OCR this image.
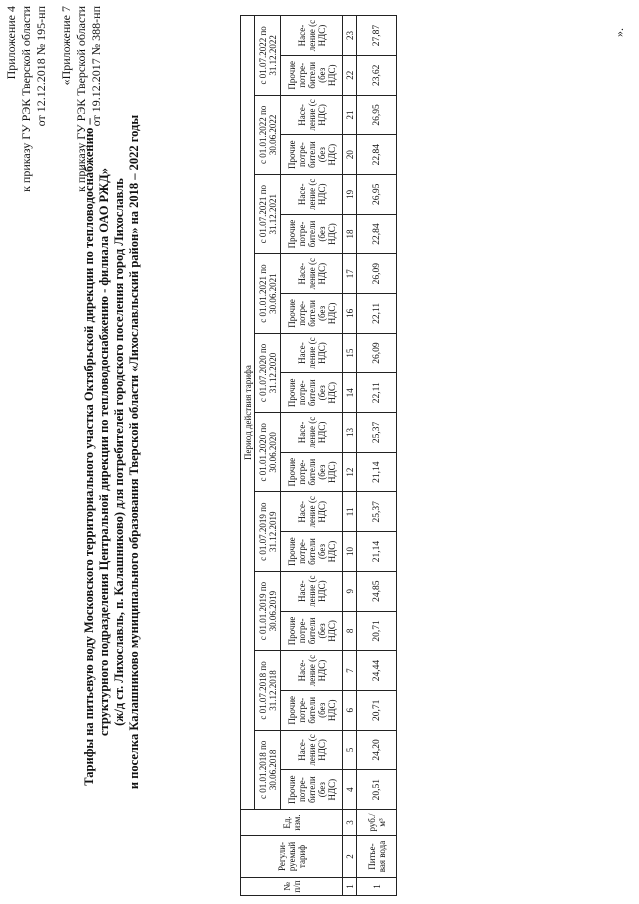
Приложение 4 к приказу ГУ РЭК Тверской области от 12.12.2018 № 195-нп «Приложение 7 к приказу ГУ РЭК Тверской области от 19.12.2017 № 388-нп

Тарифы на питьевую воду Московского территориального участка Октябрьской дирекции по тепловодоснабжению – структурного подразделения Центральной дирекции по тепловодоснабжению - филиала ОАО РЖД» (ж/д ст. Лихославль, п. Калашниково) для потребителей городского поселения город Лихославль и поселка Калашниково муниципального образования Тверской области «Лихославльский район» на 2018 – 2022 годы

№ п/п	Регули-руемый тариф	Ед. изм.	Период действия тарифа																			
			с 01.01.2018 по 30.06.2018		с 01.07.2018 по 31.12.2018		с 01.01.2019 по 30.06.2019		с 01.07.2019 по 31.12.2019		с 01.01.2020 по 30.06.2020		с 01.07.2020 по 31.12.2020		с 01.01.2021 по 30.06.2021		с 01.07.2021 по 31.12.2021		с 01.01.2022 по 30.06.2022		с 01.07.2022 по 31.12.2022	
			Прочие потре-бители (без НДС)	Насе-ление (с НДС)	Прочие потре-бители (без НДС)	Насе-ление (с НДС)	Прочие потре-бители (без НДС)	Насе-ление (с НДС)	Прочие потре-бители (без НДС)	Насе-ление (с НДС)	Прочие потре-бители (без НДС)	Насе-ление (с НДС)	Прочие потре-бители (без НДС)	Насе-ление (с НДС)	Прочие потре-бители (без НДС)	Насе-ление (с НДС)	Прочие потре-бители (без НДС)	Насе-ление (с НДС)	Прочие потре-бители (без НДС)	Насе-ление (с НДС)	Прочие потре-бители (без НДС)	Насе-ление (с НДС)
1	2	3	4	5	6	7	8	9	10	11	12	13	14	15	16	17	18	19	20	21	22	23
1	Питье-вая вода	руб./м³	20,51	24,20	20,71	24,44	20,71	24,85	21,14	25,37	21,14	25,37	22,11	26,09	22,11	26,09	22,84	26,95	22,84	26,95	23,62	27,87	».
